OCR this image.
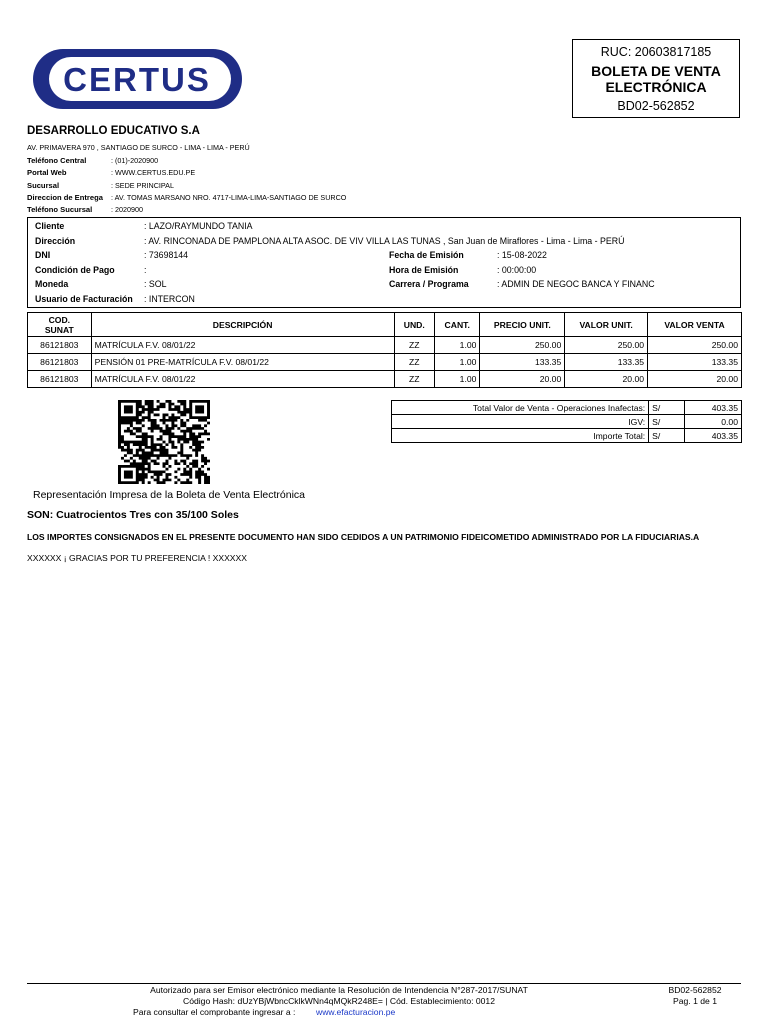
CERTUS
RUC: 20603817185
BOLETA DE VENTA
ELECTRÓNICA
BD02-562852
DESARROLLO EDUCATIVO S.A
AV. PRIMAVERA 970 , SANTIAGO DE SURCO - LIMA - LIMA - PERÚ
Teléfono Central	: (01)-2020900
Portal Web	: WWW.CERTUS.EDU.PE
Sucursal	: SEDE PRINCIPAL
Direccion de Entrega : AV. TOMAS MARSANO NRO. 4717-LIMA-LIMA-SANTIAGO DE SURCO
Teléfono Sucursal	: 2020900
Cliente	: LAZO/RAYMUNDO TANIA
Dirección	: AV. RINCONADA DE PAMPLONA ALTA ASOC. DE VIV VILLA LAS TUNAS , San Juan de Miraflores - Lima - Lima - PERÚ
DNI	: 73698144
Condición de Pago	:
Moneda	: SOL
Usuario de Facturación : INTERCON
Fecha de Emisión	: 15-08-2022
Hora de Emisión	: 00:00:00
Carrera / Programa	: ADMIN DE NEGOC BANCA Y FINANC
COD. SUNAT	DESCRIPCIÓN	UND.	CANT.	PRECIO UNIT.	VALOR UNIT.	VALOR VENTA
86121803	MATRÍCULA F.V. 08/01/22	ZZ	1.00	250.00	250.00	250.00
86121803	PENSIÓN 01 PRE-MATRÍCULA F.V. 08/01/22	ZZ	1.00	133.35	133.35	133.35
86121803	MATRÍCULA F.V. 08/01/22	ZZ	1.00	20.00	20.00	20.00
Total Valor de Venta - Operaciones Inafectas:	S/	403.35
IGV:	S/	0.00
Importe Total:	S/	403.35
Representación Impresa de la Boleta de Venta Electrónica
SON: Cuatrocientos Tres con 35/100 Soles
LOS IMPORTES CONSIGNADOS EN EL PRESENTE DOCUMENTO HAN SIDO CEDIDOS A UN PATRIMONIO FIDEICOMETIDO ADMINISTRADO POR LA FIDUCIARIAS.A
XXXXXX ¡ GRACIAS POR TU PREFERENCIA ! XXXXXX
Autorizado para ser Emisor electrónico mediante la Resolución de Intendencia N°287-2017/SUNAT
Código Hash: dUzYBjWbncCklkWNn4qMQkR248E= | Cód. Establecimiento: 0012
Para consultar el comprobante ingresar a : www.efacturacion.pe
BD02-562852
Pag. 1 de 1
